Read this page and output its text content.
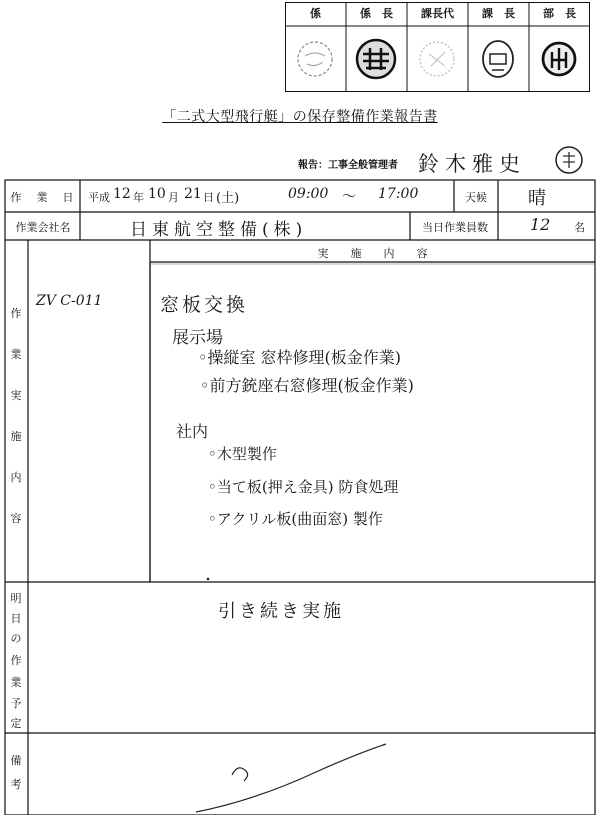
係	係　長	課長代	課　長	部　長
「二式大型飛行艇」の保存整備作業報告書
報告：工事全般管理者 鈴木雅史
作　業　日 平成 12 年 10 月 21 日 (土)	09:00 ～ 17:00	天候	晴
作業会社名	日東航空整備(株)	当日作業員数	12 名
作
業
実
施
内
容
実　　施　　内　　容
ZV C-011	窓板交換
展示場
◦操縦室 窓枠修理(板金作業)
◦前方銃座右窓修理(板金作業)
社内
◦木型製作
◦当て板(押え金具) 防食処理
◦アクリル板(曲面窓) 製作
明
日
の
作
業
予
定
引き続き実施
備
考
